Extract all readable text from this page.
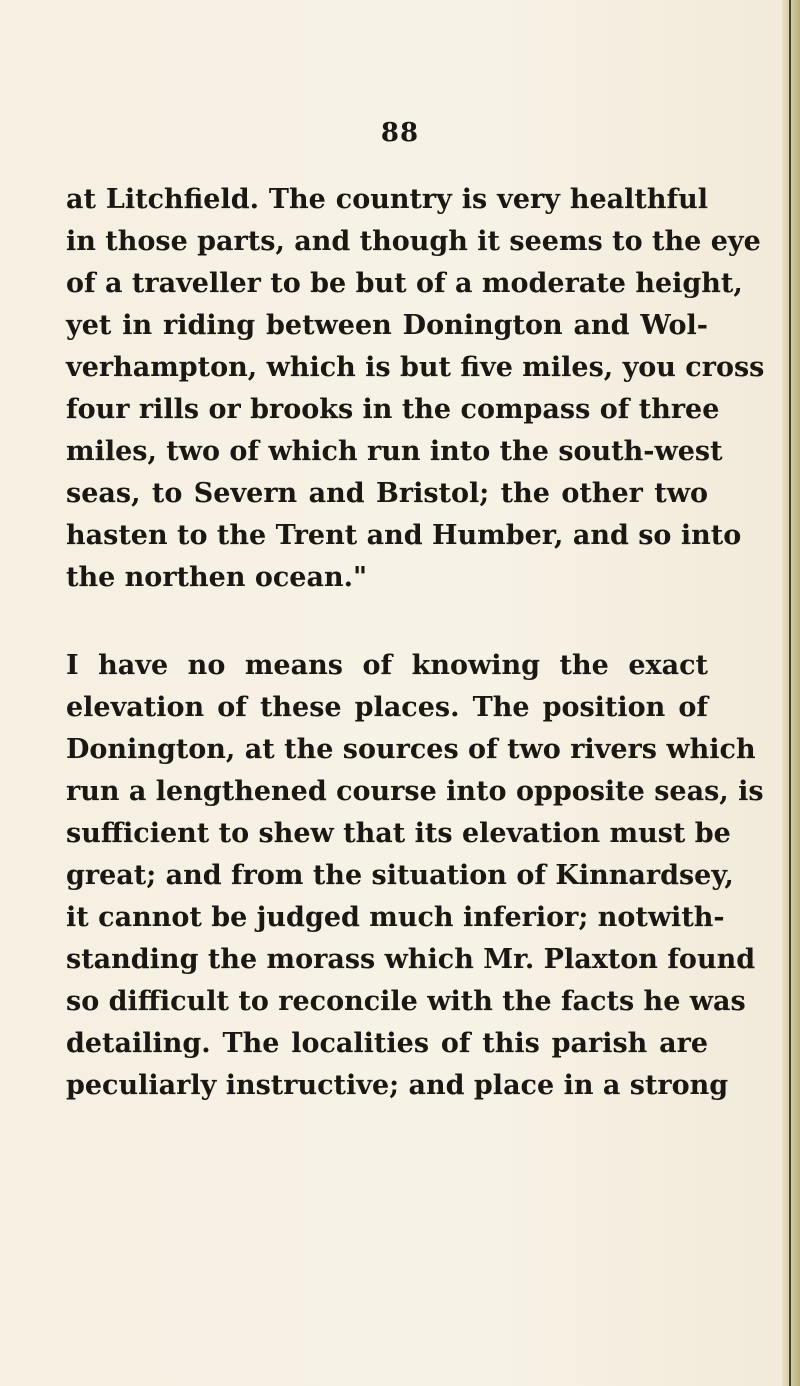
88
at Litchfield. The country is very healthful
in those parts, and though it seems to the eye
of a traveller to be but of a moderate height,
yet in riding between Donington and Wol-
verhampton, which is but five miles, you cross
four rills or brooks in the compass of three
miles, two of which run into the south-west
seas, to Severn and Bristol; the other two
hasten to the Trent and Humber, and so into
the northen ocean."
I have no means of knowing the exact
elevation of these places. The position of
Donington, at the sources of two rivers which
run a lengthened course into opposite seas, is
sufficient to shew that its elevation must be
great; and from the situation of Kinnardsey,
it cannot be judged much inferior; notwith-
standing the morass which Mr. Plaxton found
so difficult to reconcile with the facts he was
detailing. The localities of this parish are
peculiarly instructive; and place in a strong
